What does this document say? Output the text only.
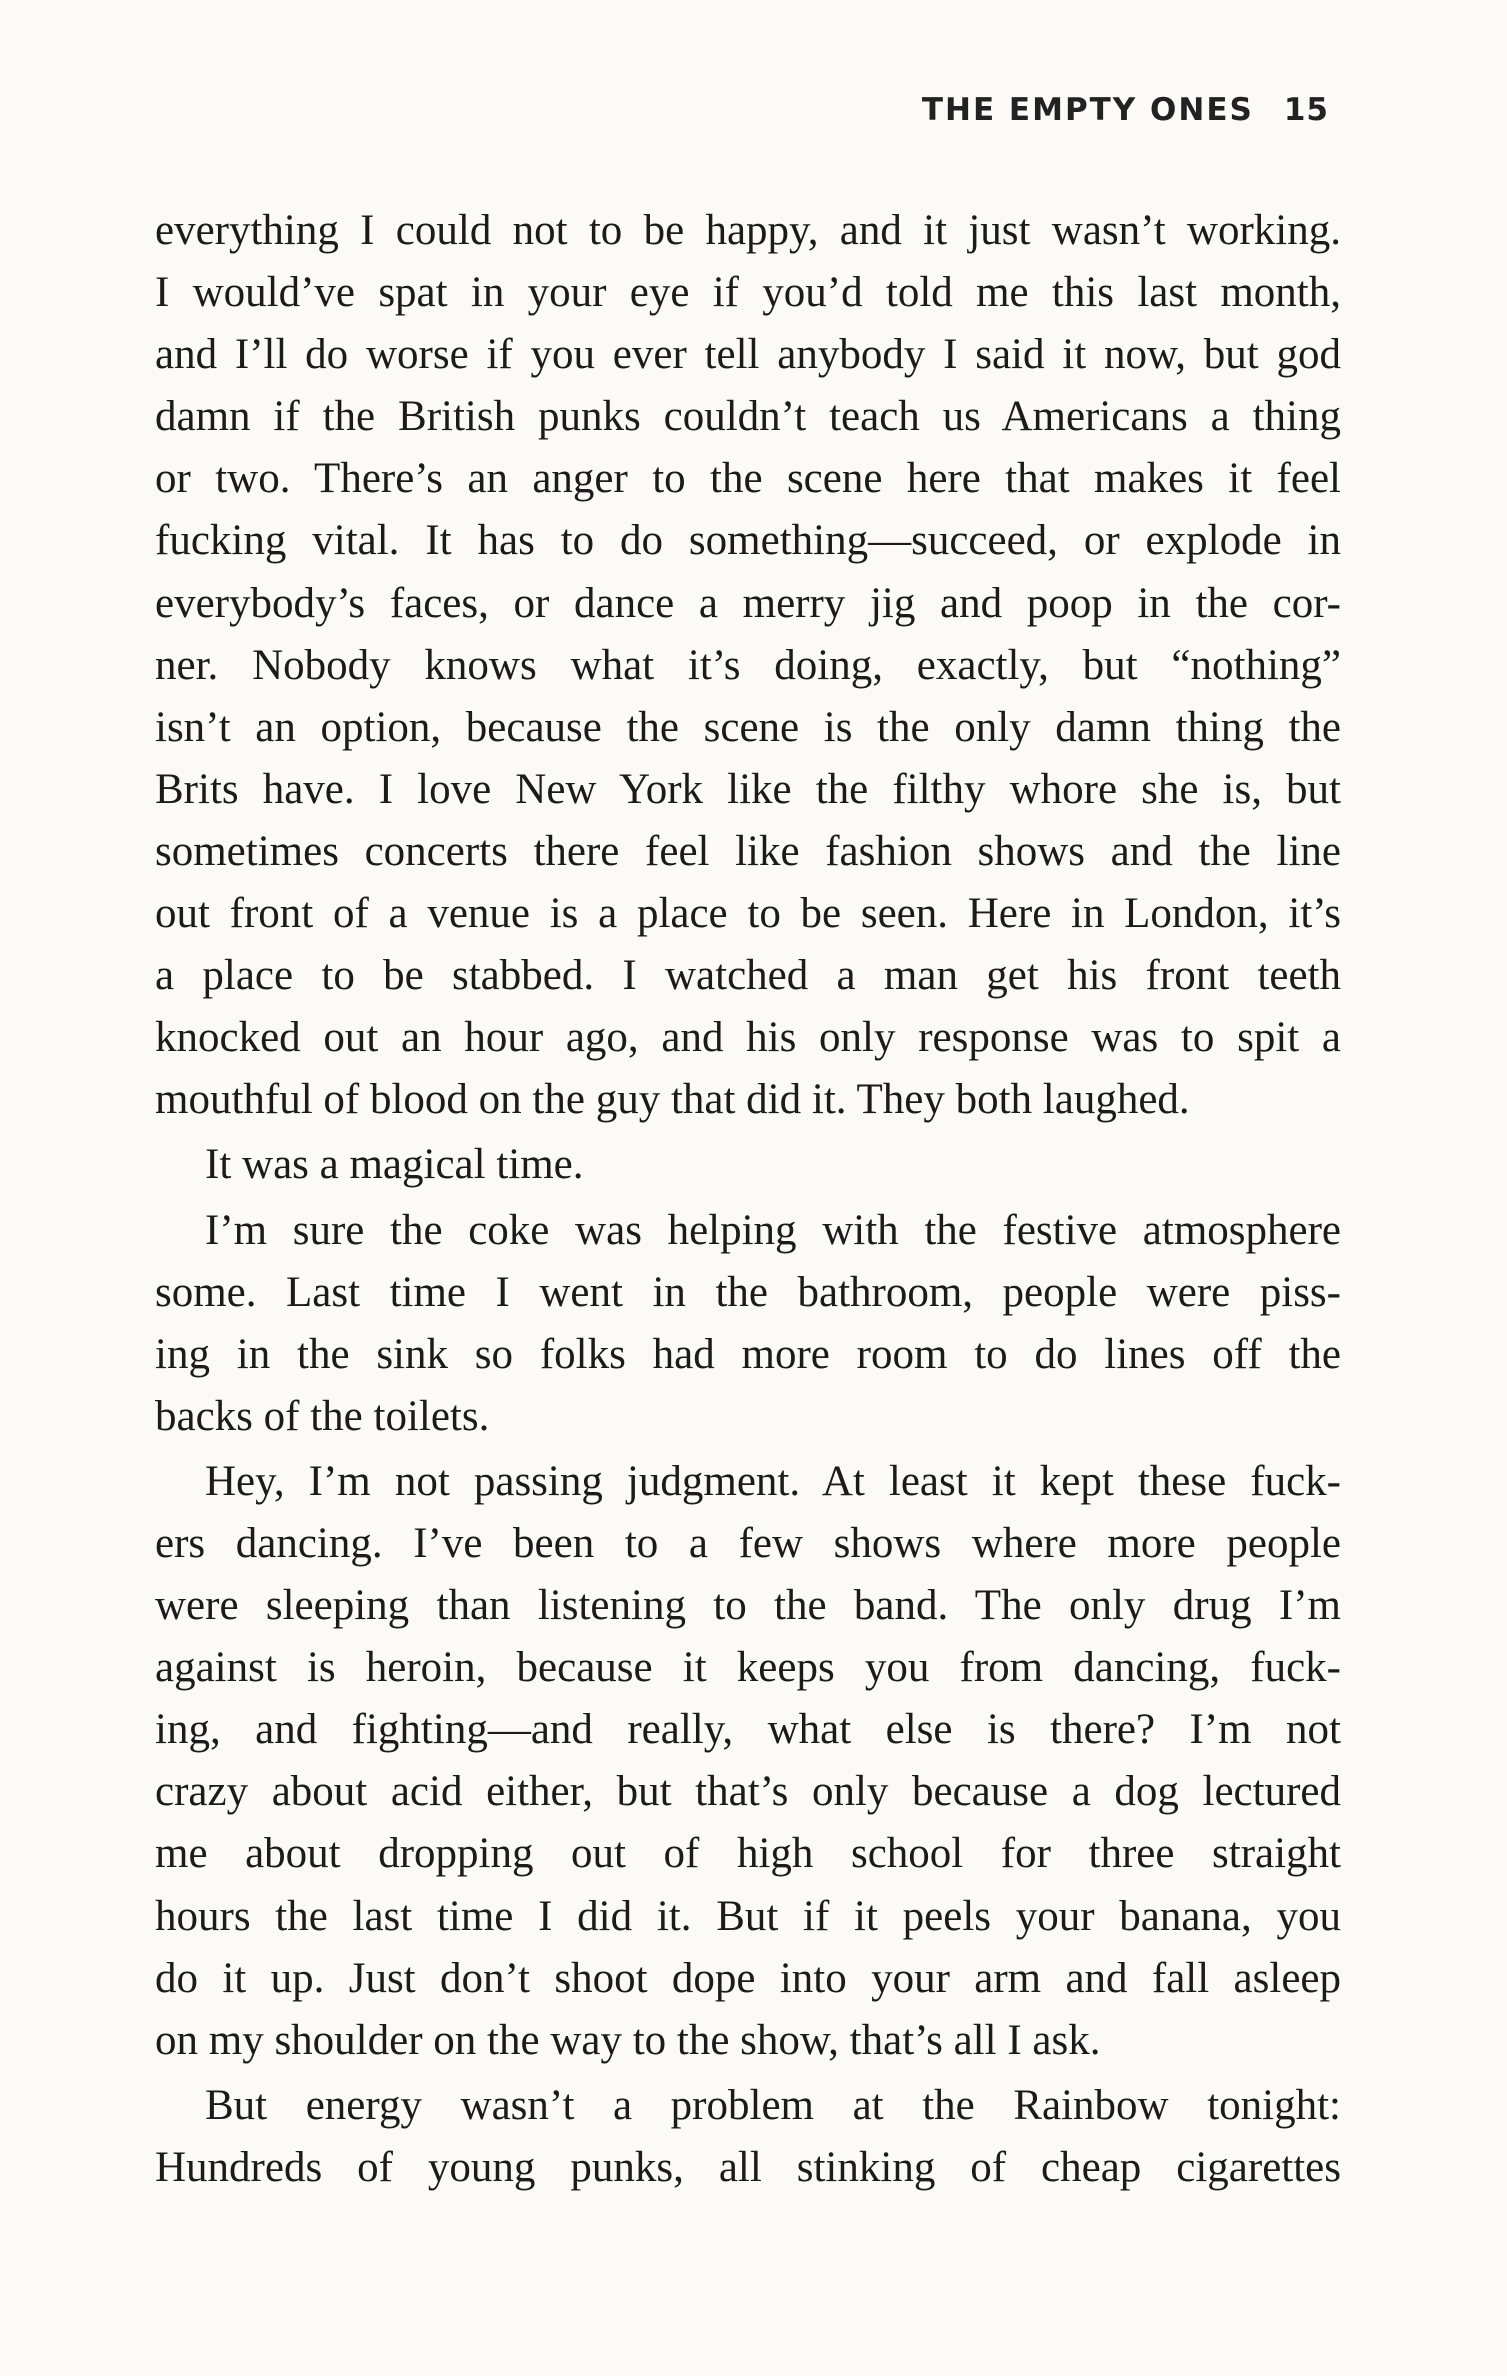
THE EMPTY ONES 15
everything I could not to be happy, and it just wasn’t working.
I would’ve spat in your eye if you’d told me this last month,
and I’ll do worse if you ever tell anybody I said it now, but god
damn if the British punks couldn’t teach us Americans a thing
or two. There’s an anger to the scene here that makes it feel
fucking vital. It has to do something—succeed, or explode in
everybody’s faces, or dance a merry jig and poop in the cor-
ner. Nobody knows what it’s doing, exactly, but “nothing”
isn’t an option, because the scene is the only damn thing the
Brits have. I love New York like the filthy whore she is, but
sometimes concerts there feel like fashion shows and the line
out front of a venue is a place to be seen. Here in London, it’s
a place to be stabbed. I watched a man get his front teeth
knocked out an hour ago, and his only response was to spit a
mouthful of blood on the guy that did it. They both laughed.
It was a magical time.
I’m sure the coke was helping with the festive atmosphere
some. Last time I went in the bathroom, people were piss-
ing in the sink so folks had more room to do lines off the
backs of the toilets.
Hey, I’m not passing judgment. At least it kept these fuck-
ers dancing. I’ve been to a few shows where more people
were sleeping than listening to the band. The only drug I’m
against is heroin, because it keeps you from dancing, fuck-
ing, and fighting—and really, what else is there? I’m not
crazy about acid either, but that’s only because a dog lectured
me about dropping out of high school for three straight
hours the last time I did it. But if it peels your banana, you
do it up. Just don’t shoot dope into your arm and fall asleep
on my shoulder on the way to the show, that’s all I ask.
But energy wasn’t a problem at the Rainbow tonight:
Hundreds of young punks, all stinking of cheap cigarettes
